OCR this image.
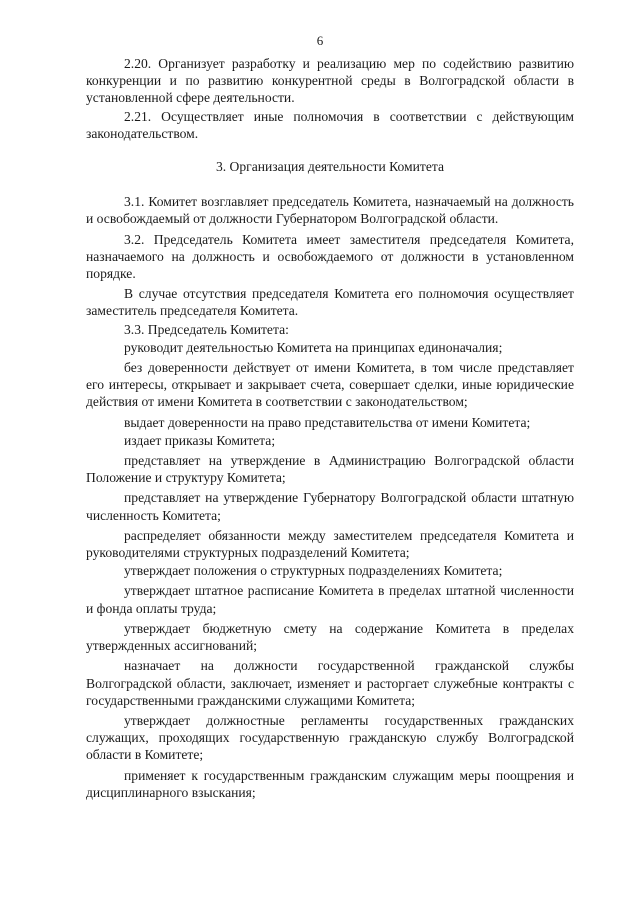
6

2.20. Организует разработку и реализацию мер по содействию развитию конкуренции и по развитию конкурентной среды в Волгоградской области в установленной сфере деятельности.

2.21. Осуществляет иные полномочия в соответствии с действующим законодательством.

3. Организация деятельности Комитета

3.1. Комитет возглавляет председатель Комитета, назначаемый на должность и освобождаемый от должности Губернатором Волгоградской области.

3.2. Председатель Комитета имеет заместителя председателя Комитета, назначаемого на должность и освобождаемого от должности в установленном порядке.

В случае отсутствия председателя Комитета его полномочия осуществляет заместитель председателя Комитета.

3.3. Председатель Комитета:

руководит деятельностью Комитета на принципах единоначалия;

без доверенности действует от имени Комитета, в том числе представляет его интересы, открывает и закрывает счета, совершает сделки, иные юридические действия от имени Комитета в соответствии с законодательством;

выдает доверенности на право представительства от имени Комитета;

издает приказы Комитета;

представляет на утверждение в Администрацию Волгоградской области Положение и структуру Комитета;

представляет на утверждение Губернатору Волгоградской области штатную численность Комитета;

распределяет обязанности между заместителем председателя Комитета и руководителями структурных подразделений Комитета;

утверждает положения о структурных подразделениях Комитета;

утверждает штатное расписание Комитета в пределах штатной численности и фонда оплаты труда;

утверждает бюджетную смету на содержание Комитета в пределах утвержденных ассигнований;

назначает на должности государственной гражданской службы Волгоградской области, заключает, изменяет и расторгает служебные контракты с государственными гражданскими служащими Комитета;

утверждает должностные регламенты государственных гражданских служащих, проходящих государственную гражданскую службу Волгоградской области в Комитете;

применяет к государственным гражданским служащим меры поощрения и дисциплинарного взыскания;
